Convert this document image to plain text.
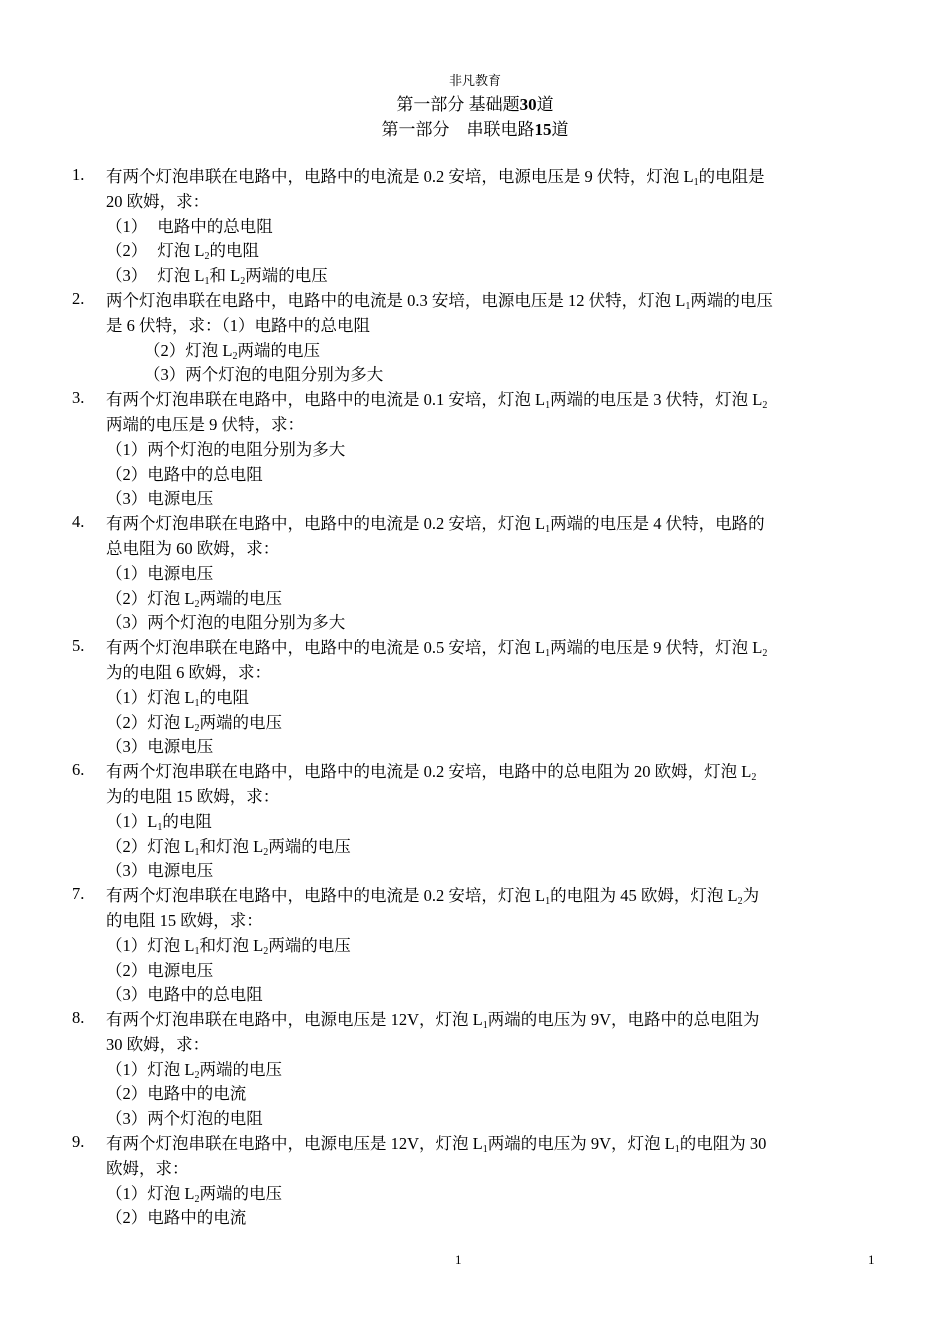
非凡教育
第一部分 基础题30道
第一部分　串联电路15道
1.	有两个灯泡串联在电路中，电路中的电流是 0.2 安培，电源电压是 9 伏特，灯泡 $L_1$的电阻是
20 欧姆，求：
（1） 电路中的总电阻
（2） 灯泡 $L_2$的电阻
（3） 灯泡 $L_1$和 $L_2$两端的电压
2.	两个灯泡串联在电路中，电路中的电流是 0.3 安培，电源电压是 12 伏特，灯泡 $L_1$两端的电压
是 6 伏特，求：（1）电路中的总电阻
（2）灯泡 $L_2$两端的电压
（3）两个灯泡的电阻分别为多大
3.	有两个灯泡串联在电路中，电路中的电流是 0.1 安培，灯泡 $L_1$两端的电压是 3 伏特，灯泡 $L_2$
两端的电压是 9 伏特，求：
（1）两个灯泡的电阻分别为多大
（2）电路中的总电阻
（3）电源电压
4.	有两个灯泡串联在电路中，电路中的电流是 0.2 安培，灯泡 $L_1$两端的电压是 4 伏特，电路的
总电阻为 60 欧姆，求：
（1）电源电压
（2）灯泡 $L_2$两端的电压
（3）两个灯泡的电阻分别为多大
5.	有两个灯泡串联在电路中，电路中的电流是 0.5 安培，灯泡 $L_1$两端的电压是 9 伏特，灯泡 $L_2$
为的电阻 6 欧姆，求：
（1）灯泡 $L_1$的电阻
（2）灯泡 $L_2$两端的电压
（3）电源电压
6.	有两个灯泡串联在电路中，电路中的电流是 0.2 安培，电路中的总电阻为 20 欧姆，灯泡 $L_2$
为的电阻 15 欧姆，求：
$(1)L_1$的电阻
（2）灯泡 $L_1$和灯泡 $L_2$两端的电压
（3）电源电压
7.	有两个灯泡串联在电路中，电路中的电流是 0.2 安培，灯泡 $L_1$的电阻为 45 欧姆，灯泡 $L_2$为
的电阻 15 欧姆，求：
（1）灯泡 $L_1$和灯泡 $L_2$两端的电压
（2）电源电压
（3）电路中的总电阻
8.	有两个灯泡串联在电路中，电源电压是 12V，灯泡 $L_1$两端的电压为 9V，电路中的总电阻为
30 欧姆，求：
（1）灯泡 $L_2$两端的电压
（2）电路中的电流
（3）两个灯泡的电阻
9.	有两个灯泡串联在电路中，电源电压是 12V，灯泡 $L_1$两端的电压为 9V，灯泡 $L_1$的电阻为 30
欧姆，求：
（1）灯泡 $L_2$两端的电压
（2）电路中的电流
1	1
